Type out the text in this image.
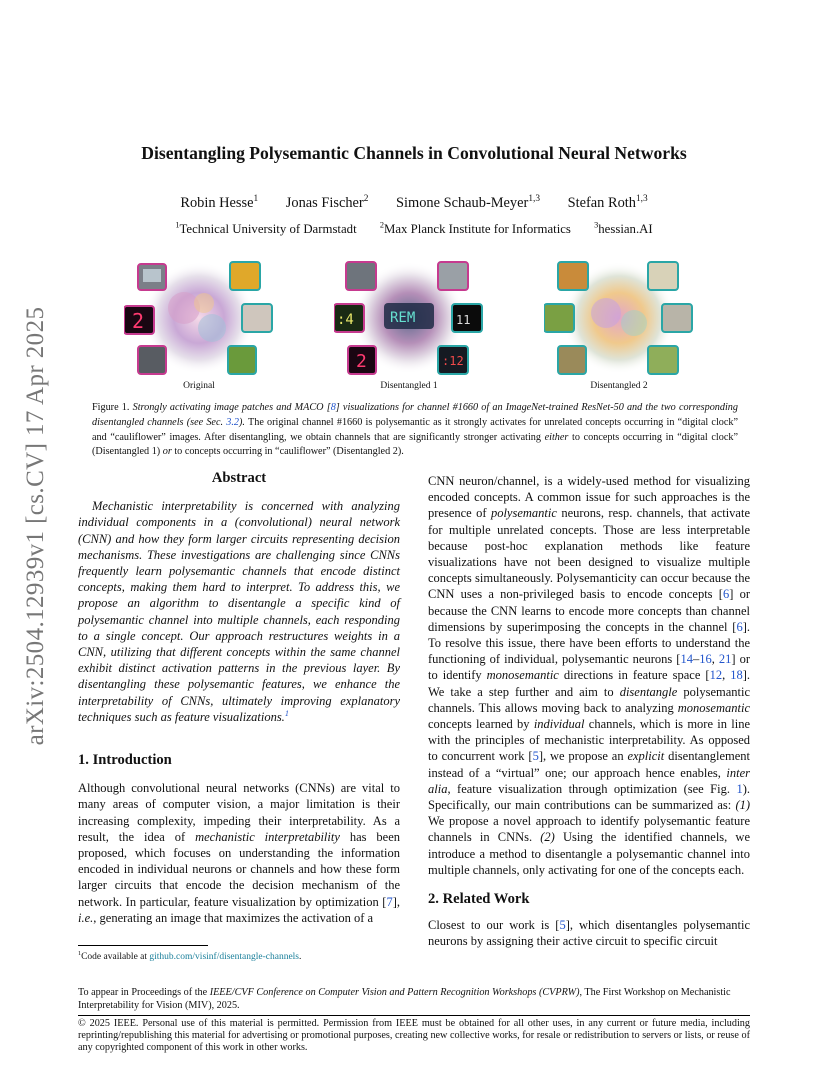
arXiv:2504.12939v1 [cs.CV] 17 Apr 2025
Disentangling Polysemantic Channels in Convolutional Neural Networks
Robin Hesse$^1$ Jonas Fischer$^2$ Simone Schaub-Meyer$^{1,3}$ Stefan Roth$^{1,3}$
$^1$Technical University of Darmstadt	$^2$Max Planck Institute for Informatics	$^3$hessian.AI
2	REM
:4	11
2	:12
Original	Disentangled 1	Disentangled 2
Figure 1. Strongly activating image patches and MACO [8] visualizations for channel #1660 of an ImageNet-trained ResNet-50 and the two corresponding disentangled channels (see Sec. 3.2). The original channel #1660 is polysemantic as it strongly activates for unrelated concepts occurring in “digital clock” and “cauliflower” images. After disentangling, we obtain channels that are significantly stronger activating either to concepts occurring in “digital clock” (Disentangled 1) or to concepts occurring in “cauliflower” (Disentangled 2).
Abstract

Mechanistic interpretability is concerned with analyzing individual components in a (convolutional) neural network (CNN) and how they form larger circuits representing decision mechanisms. These investigations are challenging since CNNs frequently learn polysemantic channels that encode distinct concepts, making them hard to interpret. To address this, we propose an algorithm to disentangle a specific kind of polysemantic channel into multiple channels, each responding to a single concept. Our approach restructures weights in a CNN, utilizing that different concepts within the same channel exhibit distinct activation patterns in the previous layer. By disentangling these polysemantic features, we enhance the interpretability of CNNs, ultimately improving explanatory techniques such as feature visualizations.$^1$

1. Introduction

Although convolutional neural networks (CNNs) are vital to many areas of computer vision, a major limitation is their increasing complexity, impeding their interpretability. As a result, the idea of mechanistic interpretability has been proposed, which focuses on understanding the information encoded in individual neurons or channels and how these form larger circuits that encode the decision mechanism of the network. In particular, feature visualization by optimization [7], i.e., generating an image that maximizes the activation of a

$^1$Code available at github.com/visinf/disentangle-channels.

CNN neuron/channel, is a widely-used method for visualizing encoded concepts. A common issue for such approaches is the presence of polysemantic neurons, resp. channels, that activate for multiple unrelated concepts. Those are less interpretable because post-hoc explanation methods like feature visualizations have not been designed to visualize multiple concepts simultaneously. Polysemanticity can occur because the CNN uses a non-privileged basis to encode concepts [6] or because the CNN learns to encode more concepts than channel dimensions by superimposing the concepts in the channel [6]. To resolve this issue, there have been efforts to understand the functioning of individual, polysemantic neurons [14–16, 21] or to identify monosemantic directions in feature space [12, 18]. We take a step further and aim to disentangle polysemantic channels. This allows moving back to analyzing monosemantic concepts learned by individual channels, which is more in line with the principles of mechanistic interpretability. As opposed to concurrent work [5], we propose an explicit disentanglement instead of a “virtual” one; our approach hence enables, inter alia, feature visualization through optimization (see Fig. 1). Specifically, our main contributions can be summarized as: (1) We propose a novel approach to identify polysemantic feature channels in CNNs. (2) Using the identified channels, we introduce a method to disentangle a polysemantic channel into multiple channels, only activating for one of the concepts each.

2. Related Work

Closest to our work is [5], which disentangles polysemantic neurons by assigning their active circuit to specific circuit

To appear in Proceedings of the IEEE/CVF Conference on Computer Vision and Pattern Recognition Workshops (CVPRW), The First Workshop on Mechanistic Interpretability for Vision (MIV), 2025.
© 2025 IEEE. Personal use of this material is permitted. Permission from IEEE must be obtained for all other uses, in any current or future media, including reprinting/republishing this material for advertising or promotional purposes, creating new collective works, for resale or redistribution to servers or lists, or reuse of any copyrighted component of this work in other works.
